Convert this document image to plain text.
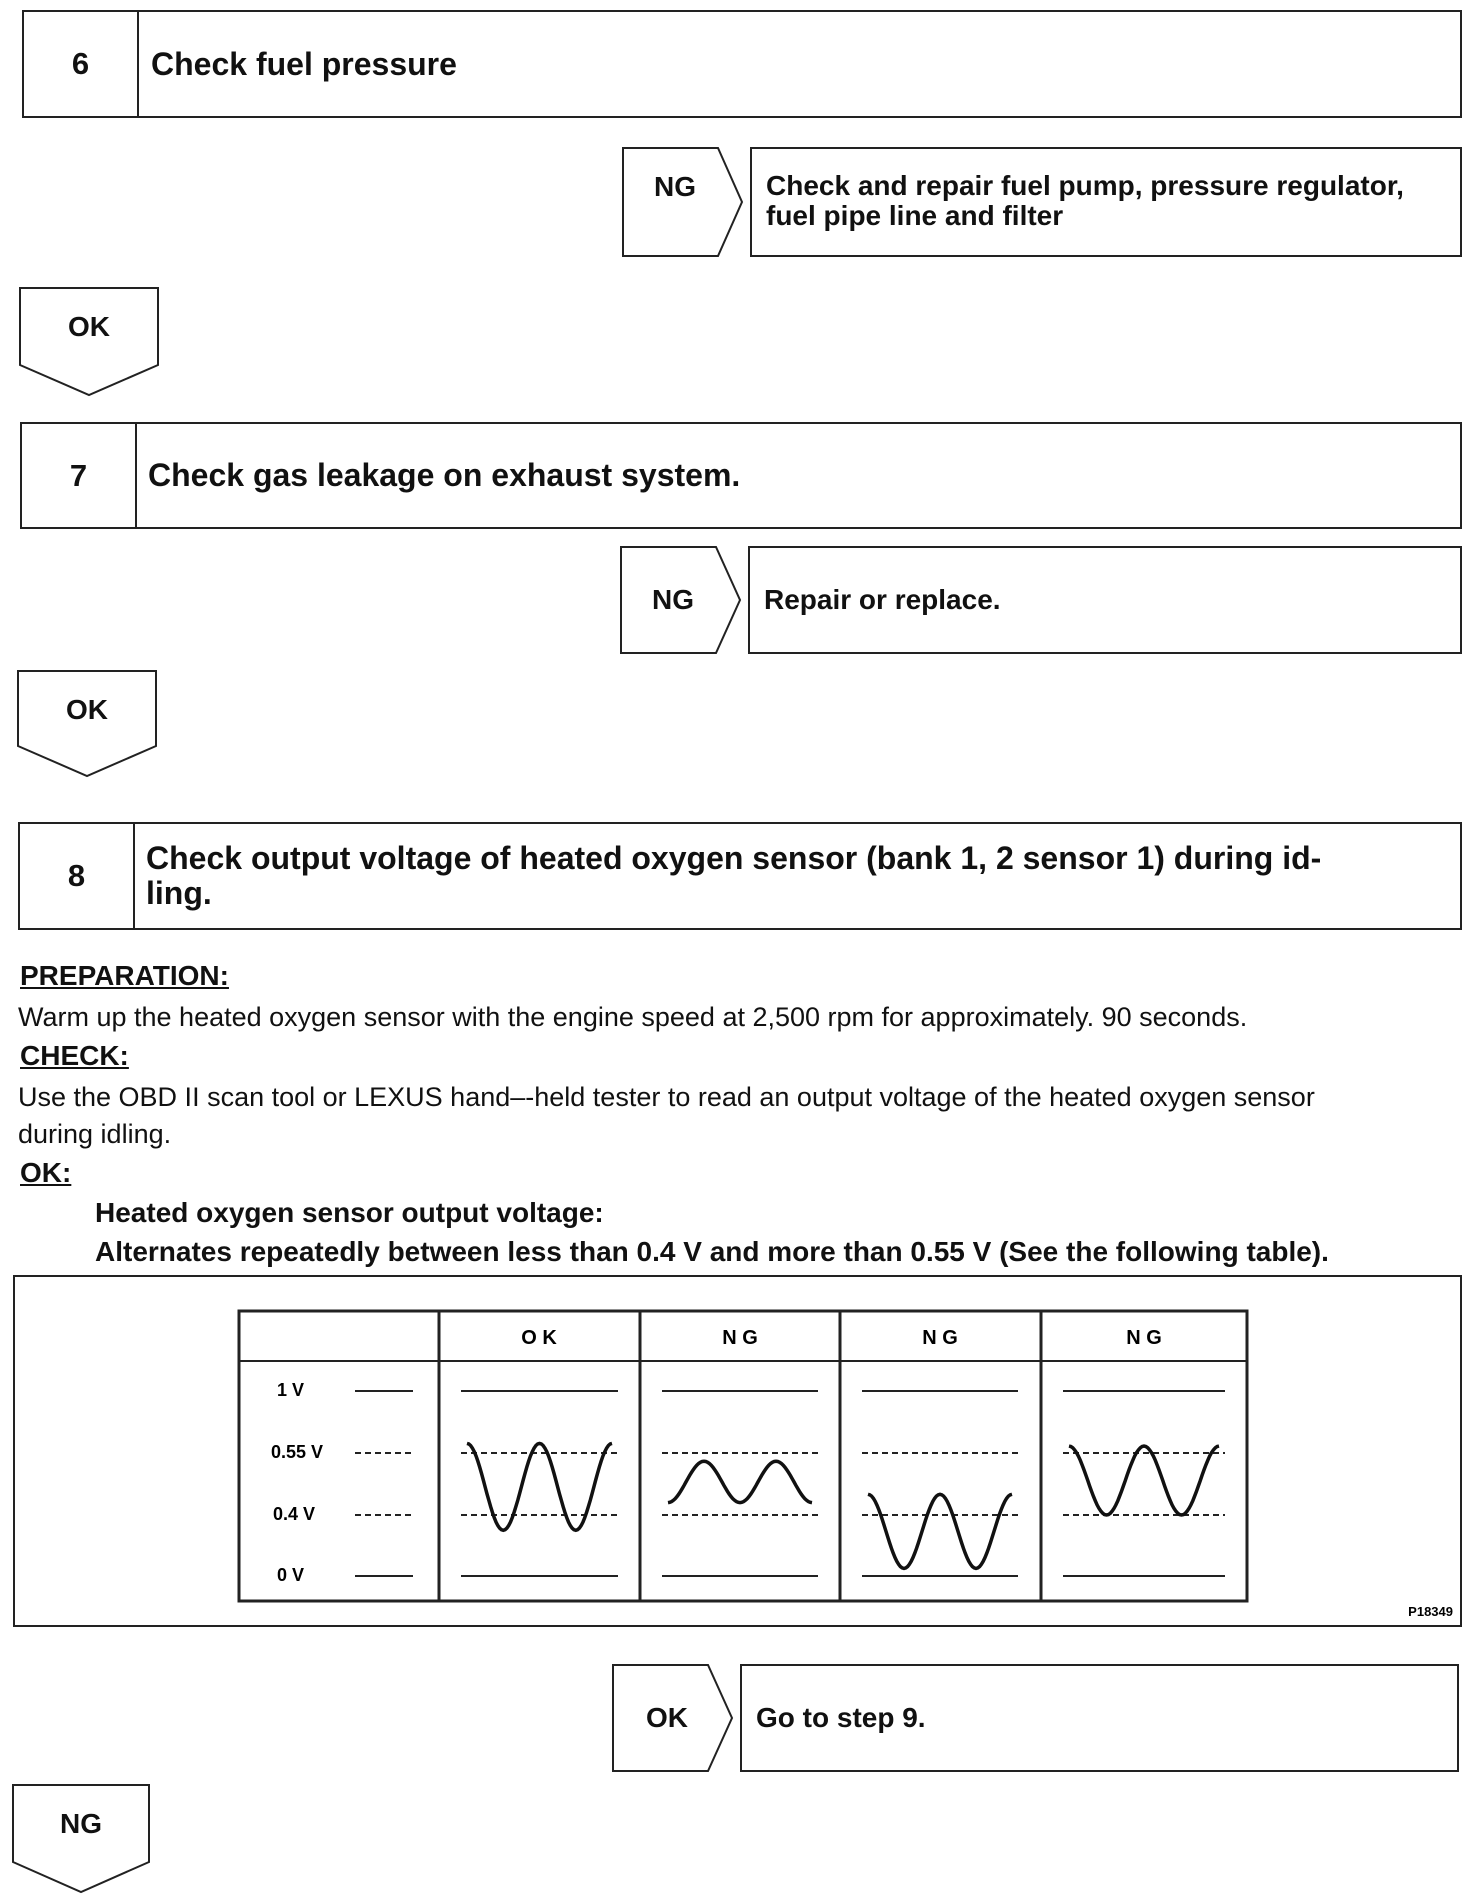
6	Check fuel pressure
NG	Check and repair fuel pump, pressure regulator, fuel pipe line and filter
OK
7	Check gas leakage on exhaust system.
NG	Repair or replace.
OK
8	Check output voltage of heated oxygen sensor (bank 1, 2 sensor 1) during id-
ling.
PREPARATION:
Warm up the heated oxygen sensor with the engine speed at 2,500 rpm for approximately. 90 seconds.
CHECK:
Use the OBD II scan tool or LEXUS hand–-held tester to read an output voltage of the heated oxygen sensor
during idling.
OK:
Heated oxygen sensor output voltage:
Alternates repeatedly between less than 0.4 V and more than 0.55 V (See the following table).
O K	N G	N G	N G
1 V
0.55 V
0.4 V
0 V
P18349
OK Go to step 9.
NG
